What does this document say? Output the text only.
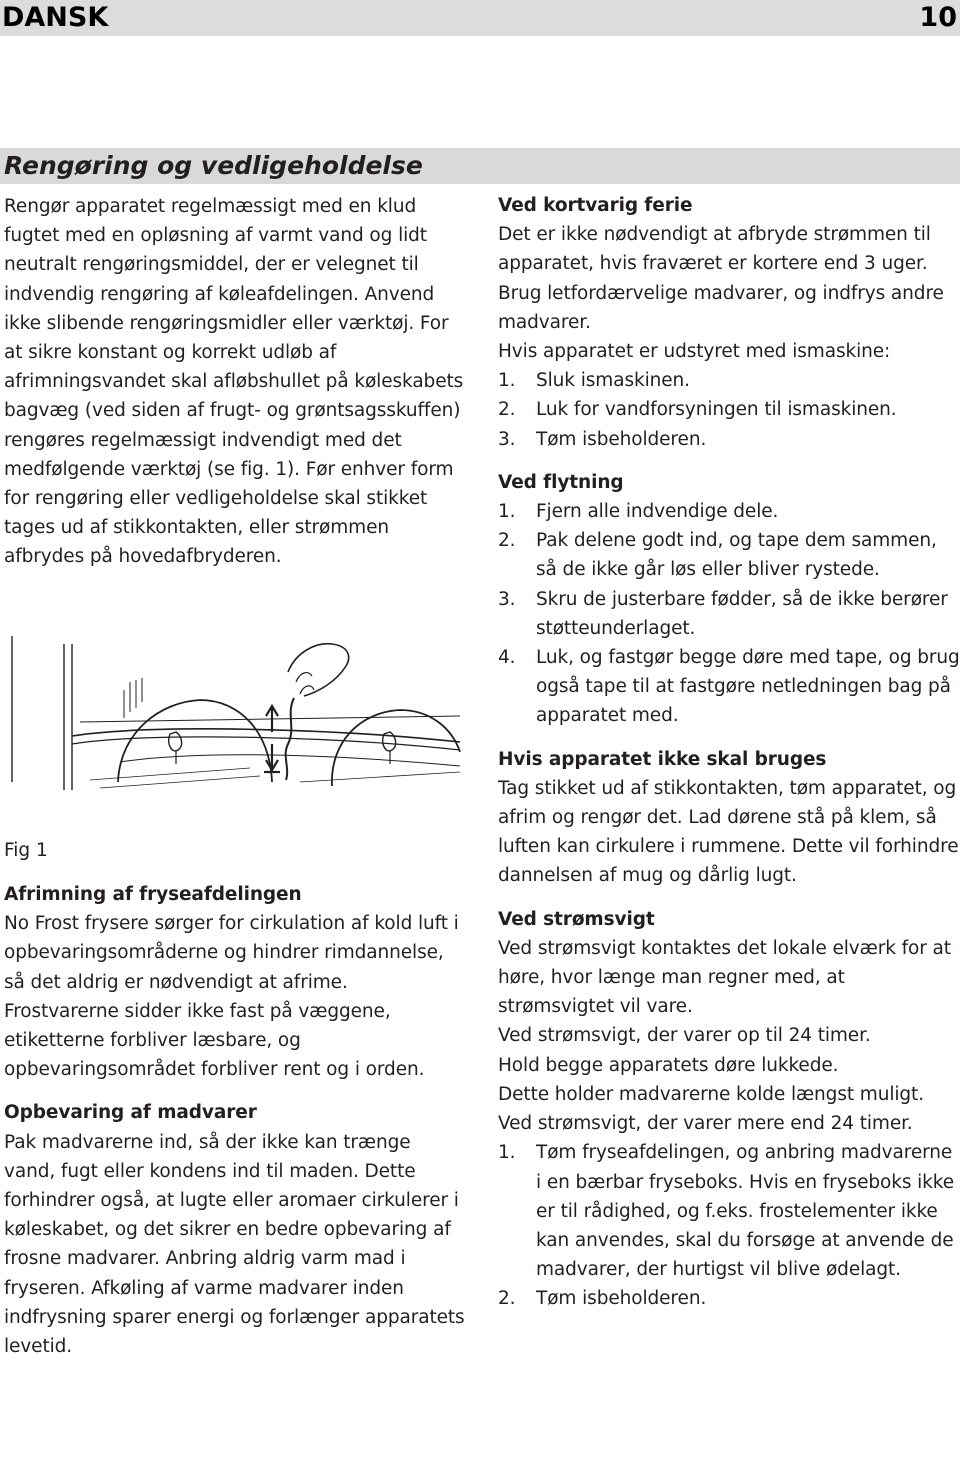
DANSK	10
Rengøring og vedligeholdelse

Rengør apparatet regelmæssigt med en klud fugtet med en opløsning af varmt vand og lidt neutralt rengøringsmiddel, der er velegnet til indvendig rengøring af køleafdelingen. Anvend ikke slibende rengøringsmidler eller værktøj. For at sikre konstant og korrekt udløb af afrimningsvandet skal afløbshullet på køleskabets bagvæg (ved siden af frugt- og grøntsagsskuffen) rengøres regelmæssigt indvendigt med det medfølgende værktøj (se fig. 1). Før enhver form for rengøring eller vedligeholdelse skal stikket tages ud af stikkontakten, eller strømmen afbrydes på hovedafbryderen.

Fig 1
Afrimning af fryseafdelingen

No Frost frysere sørger for cirkulation af kold luft i opbevaringsområderne og hindrer rimdannelse, så det aldrig er nødvendigt at afrime. Frostvarerne sidder ikke fast på væggene, etiketterne forbliver læsbare, og opbevaringsområdet forbliver rent og i orden.

Opbevaring af madvarer

Pak madvarerne ind, så der ikke kan trænge vand, fugt eller kondens ind til maden. Dette forhindrer også, at lugte eller aromaer cirkulerer i køleskabet, og det sikrer en bedre opbevaring af frosne madvarer. Anbring aldrig varm mad i fryseren. Afkøling af varme madvarer inden indfrysning sparer energi og forlænger apparatets levetid.

Ved kortvarig ferie

Det er ikke nødvendigt at afbryde strømmen til apparatet, hvis fraværet er kortere end 3 uger.

Brug letfordærvelige madvarer, og indfrys andre madvarer.

Hvis apparatet er udstyret med ismaskine:

1. Sluk ismaskinen.
2. Luk for vandforsyningen til ismaskinen.
3. Tøm isbeholderen.
Ved flytning
1. Fjern alle indvendige dele.
2. Pak delene godt ind, og tape dem sammen, så de ikke går løs eller bliver rystede.
3. Skru de justerbare fødder, så de ikke berører støtteunderlaget.
4. Luk, og fastgør begge døre med tape, og brug også tape til at fastgøre netledningen bag på apparatet med.
Hvis apparatet ikke skal bruges

Tag stikket ud af stikkontakten, tøm apparatet, og afrim og rengør det. Lad dørene stå på klem, så luften kan cirkulere i rummene. Dette vil forhindre dannelsen af mug og dårlig lugt.

Ved strømsvigt

Ved strømsvigt kontaktes det lokale elværk for at høre, hvor længe man regner med, at strømsvigtet vil vare.

Ved strømsvigt, der varer op til 24 timer.

Hold begge apparatets døre lukkede.

Dette holder madvarerne kolde længst muligt.

Ved strømsvigt, der varer mere end 24 timer.

1. Tøm fryseafdelingen, og anbring madvarerne i en bærbar fryseboks. Hvis en fryseboks ikke er til rådighed, og f.eks. frostelementer ikke kan anvendes, skal du forsøge at anvende de madvarer, der hurtigst vil blive ødelagt.
2. Tøm isbeholderen.
